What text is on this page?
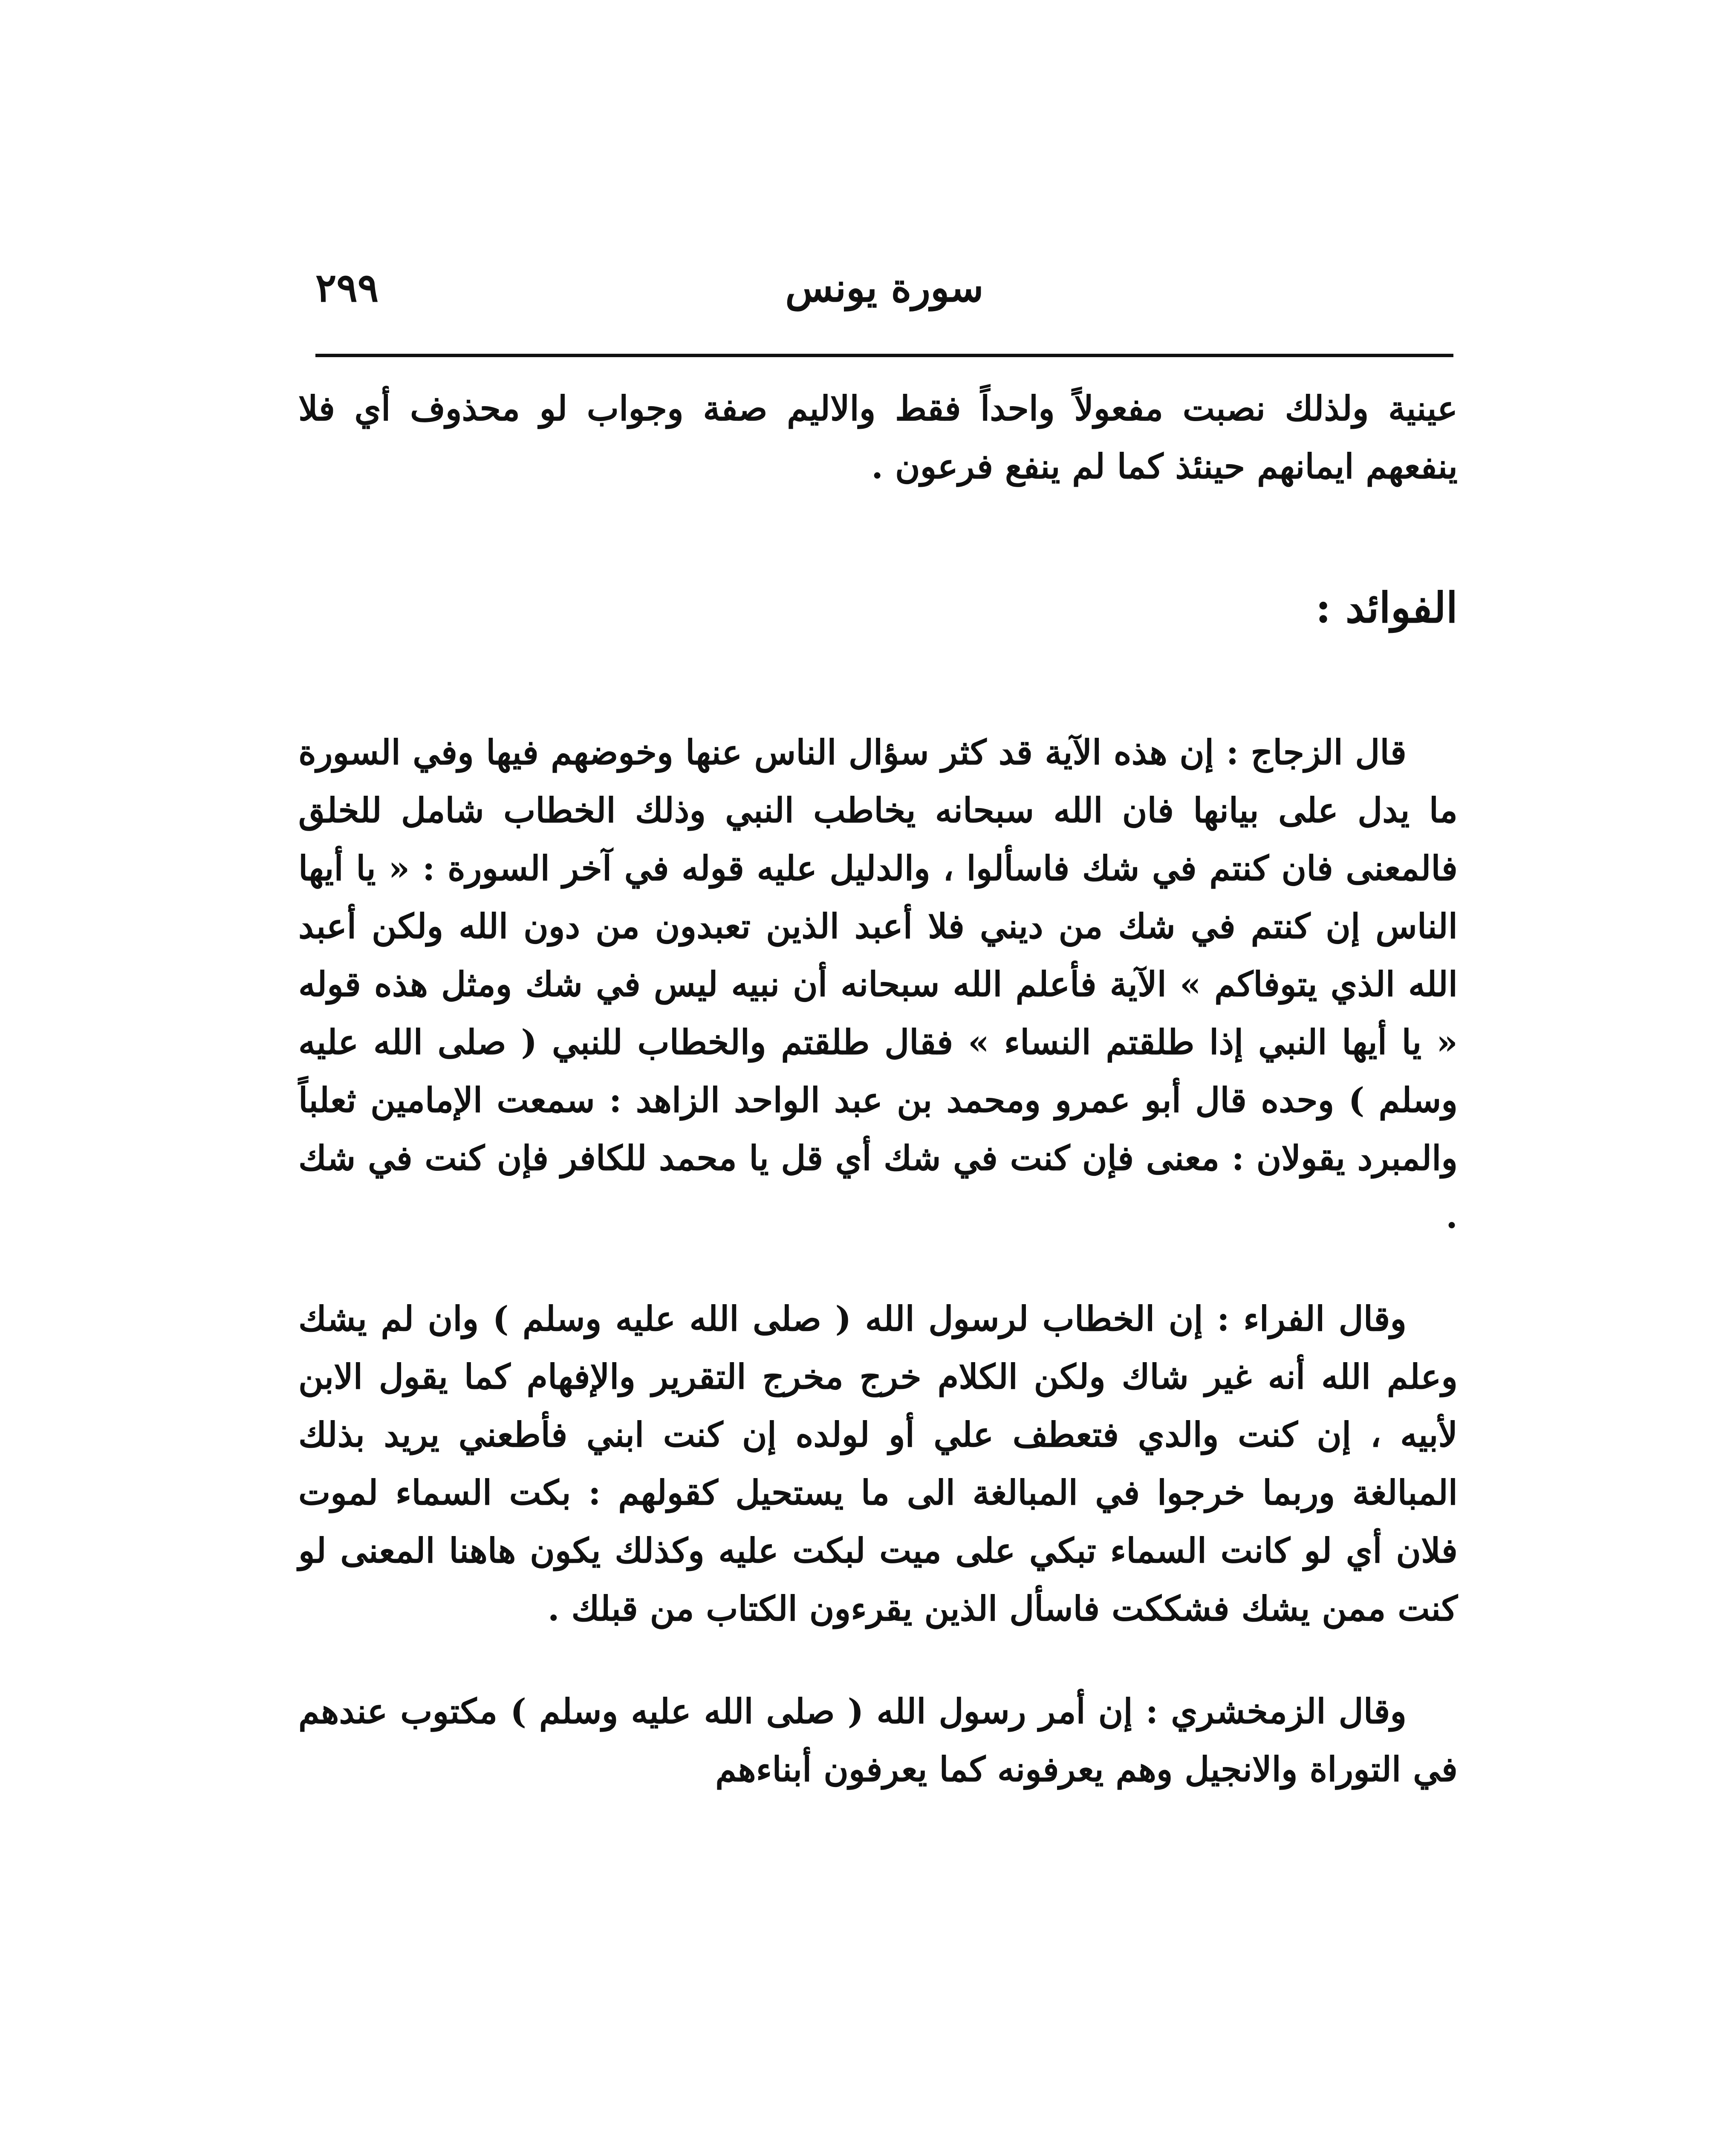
٢٩٩	سورة يونس

عينية ولذلك نصبت مفعولاً واحداً فقط والاليم صفة وجواب لو محذوف أي فلا ينفعهم ايمانهم حينئذ كما لم ينفع فرعون .

الفوائد :

قال الزجاج : إن هذه الآية قد كثر سؤال الناس عنها وخوضهم فيها وفي السورة ما يدل على بيانها فان الله سبحانه يخاطب النبي وذلك الخطاب شامل للخلق فالمعنى فان كنتم في شك فاسألوا ، والدليل عليه قوله في آخر السورة : « يا أيها الناس إن كنتم في شك من ديني فلا أعبد الذين تعبدون من دون الله ولكن أعبد الله الذي يتوفاكم » الآية فأعلم الله سبحانه أن نبيه ليس في شك ومثل هذه قوله « يا أيها النبي إذا طلقتم النساء » فقال طلقتم والخطاب للنبي ( صلى الله عليه وسلم ) وحده قال أبو عمرو ومحمد بن عبد الواحد الزاهد : سمعت الإمامين ثعلباً والمبرد يقولان : معنى فإن كنت في شك أي قل يا محمد للكافر فإن كنت في شك .

وقال الفراء : إن الخطاب لرسول الله ( صلى الله عليه وسلم ) وان لم يشك وعلم الله أنه غير شاك ولكن الكلام خرج مخرج التقرير والإفهام كما يقول الابن لأبيه ، إن كنت والدي فتعطف علي أو لولده إن كنت ابني فأطعني يريد بذلك المبالغة وربما خرجوا في المبالغة الى ما يستحيل كقولهم : بكت السماء لموت فلان أي لو كانت السماء تبكي على ميت لبكت عليه وكذلك يكون هاهنا المعنى لو كنت ممن يشك فشككت فاسأل الذين يقرءون الكتاب من قبلك .

وقال الزمخشري : إن أمر رسول الله ( صلى الله عليه وسلم ) مكتوب عندهم في التوراة والانجيل وهم يعرفونه كما يعرفون أبناءهم
